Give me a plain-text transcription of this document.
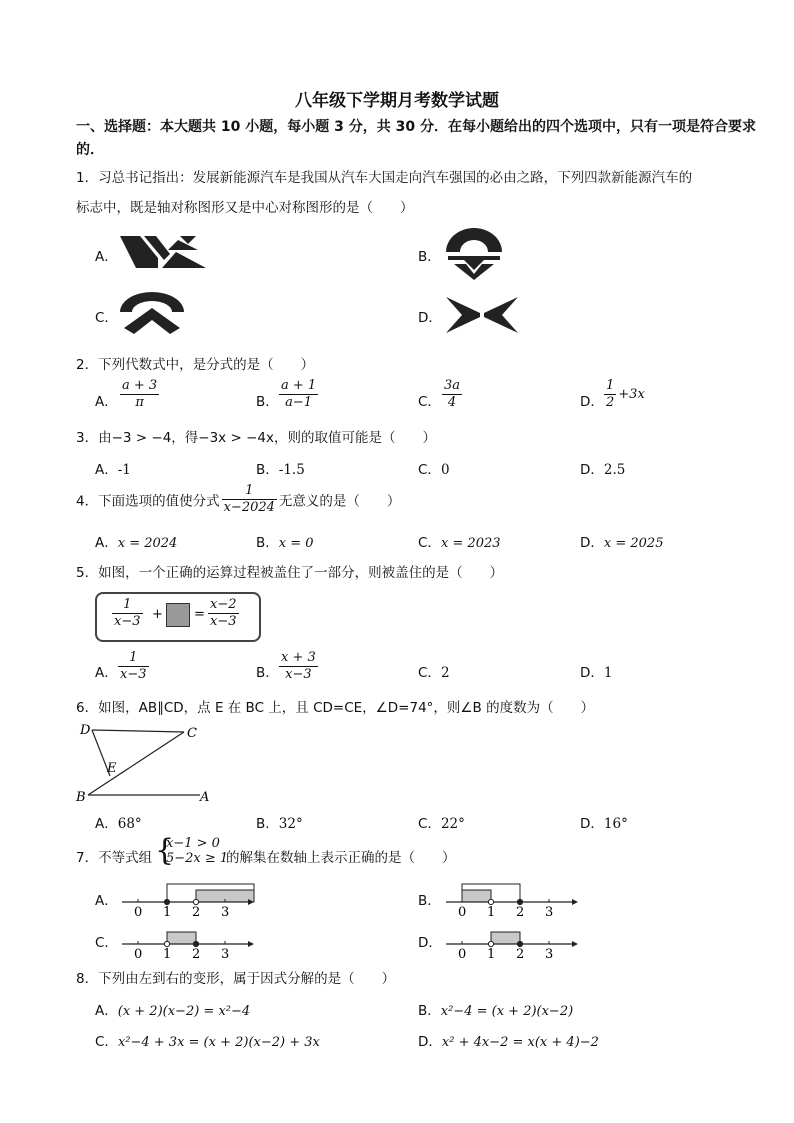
八年级下学期月考数学试题
一、选择题：本大题共 10 小题，每小题 3 分，共 30 分．在每小题给出的四个选项中，只有一项是符合要求的．
1．习总书记指出：发展新能源汽车是我国从汽车大国走向汽车强国的必由之路，下列四款新能源汽车的
标志中，既是轴对称图形又是中心对称图形的是（　　）
A．	B．
C．	D．
2．下列代数式中，是分式的是（　　）
A． $\frac{a + 3}{\pi}$	B． $\frac{a + 1}{a-1}$	C． $\frac{3a}{4}$	D． $\frac{1}{2} +3x$
3．由−3 > −4，得−3x > −4x，则的取值可能是（　　）
A．-1	B．-1.5	C．0	D．2.5
4．下面选项的值使分式 $\frac{1}{x-2024}$ 无意义的是（　　）
A．x = 2024	B．x = 0	C．x = 2023	D．x = 2025
5．如图，一个正确的运算过程被盖住了一部分，则被盖住的是（　　）
$\frac{1}{x-3}$ + = $\frac{x-2}{x-3}$
A． $\frac{1}{x-3}$	B． $\frac{x + 3}{x-3}$	C．2	D．1
6．如图，AB∥CD，点 E 在 BC 上，且 CD=CE，∠D=74°，则∠B 的度数为（　　）
D	C
E
B	A
A．68°	B．32°	C．22°	D．16°
7．不等式组 {
x−1 > 0
5−2x ≥ 1
的解集在数轴上表示正确的是（　　）
A．
0 1 2 3
B．
0 1 2 3
C．
0 1 2 3
D．
0 1 2 3
8．下列由左到右的变形，属于因式分解的是（　　）
A．(x + 2)(x−2) = x²−4	B．x²−4 = (x + 2)(x−2)
C．x²−4 + 3x = (x + 2)(x−2) + 3x	D．x² + 4x−2 = x(x + 4)−2
